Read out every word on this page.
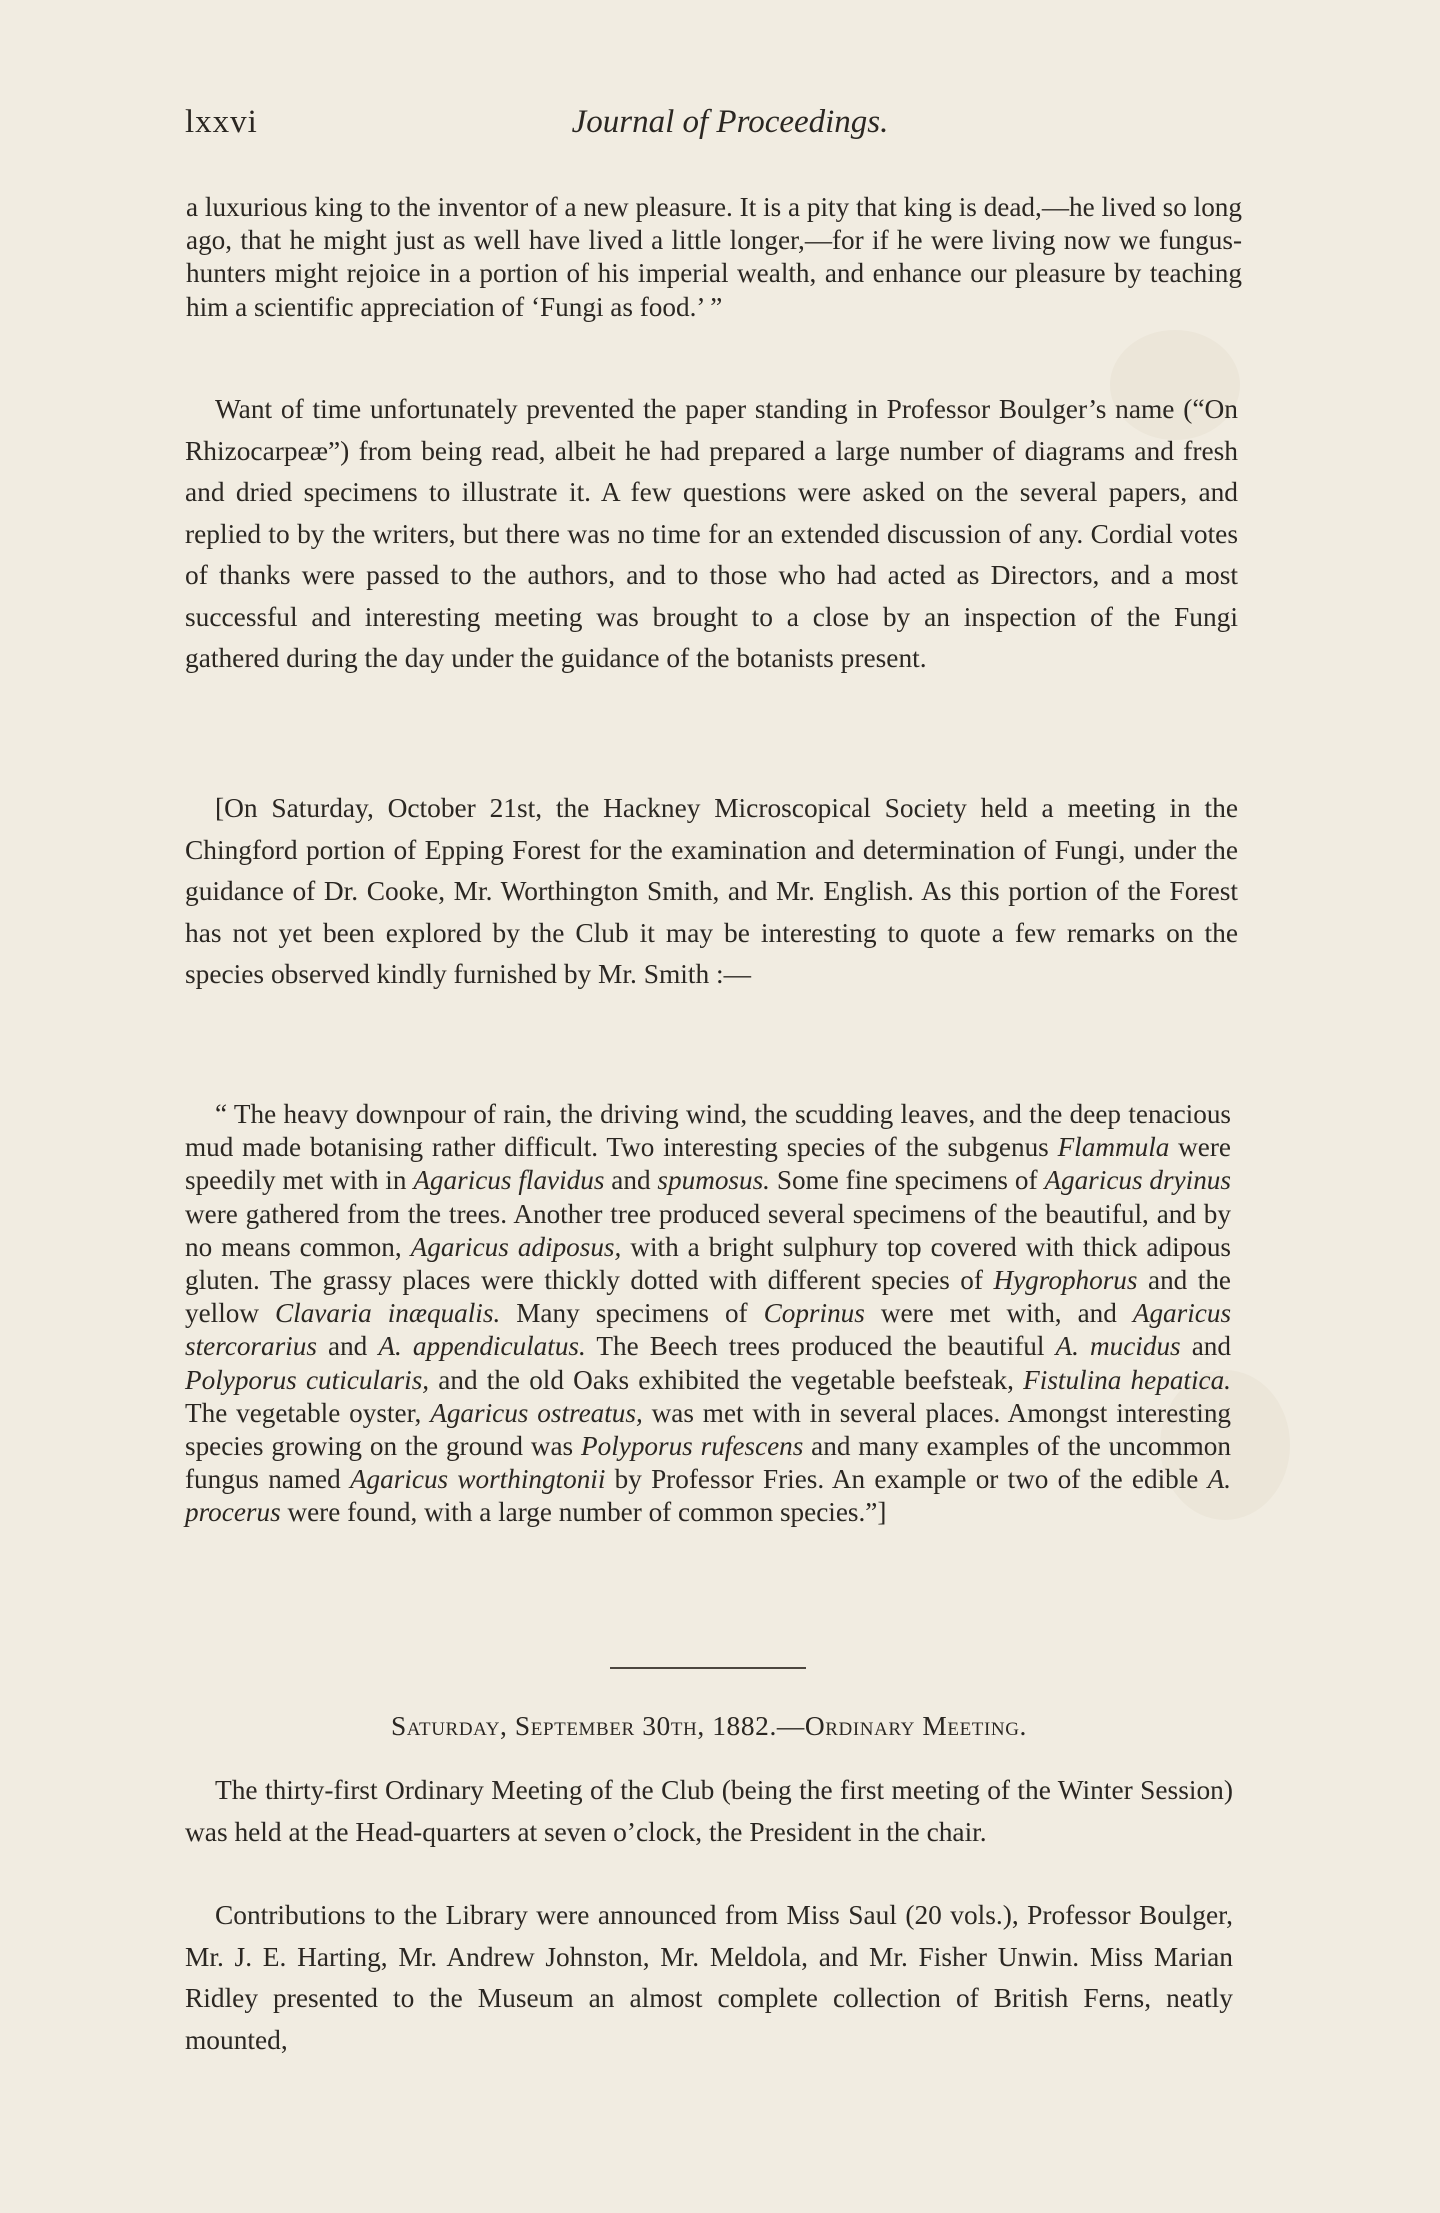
lxxvi	Journal of Proceedings.

a luxurious king to the inventor of a new pleasure. It is a pity that king is dead,—he lived so long ago, that he might just as well have lived a little longer,—for if he were living now we fungus-hunters might rejoice in a portion of his imperial wealth, and enhance our pleasure by teaching him a scientific appreciation of ‘Fungi as food.’ ”

Want of time unfortunately prevented the paper standing in Professor Boulger’s name (“On Rhizocarpeæ”) from being read, albeit he had prepared a large number of diagrams and fresh and dried specimens to illustrate it. A few questions were asked on the several papers, and replied to by the writers, but there was no time for an extended discussion of any. Cordial votes of thanks were passed to the authors, and to those who had acted as Directors, and a most successful and interesting meeting was brought to a close by an inspection of the Fungi gathered during the day under the guidance of the botanists present.

[On Saturday, October 21st, the Hackney Microscopical Society held a meeting in the Chingford portion of Epping Forest for the examination and determination of Fungi, under the guidance of Dr. Cooke, Mr. Worthington Smith, and Mr. English. As this portion of the Forest has not yet been explored by the Club it may be interesting to quote a few remarks on the species observed kindly furnished by Mr. Smith :—

“ The heavy downpour of rain, the driving wind, the scudding leaves, and the deep tenacious mud made botanising rather difficult. Two interesting species of the subgenus Flammula were speedily met with in Agaricus flavidus and spumosus. Some fine specimens of Agaricus dryinus were gathered from the trees. Another tree produced several specimens of the beautiful, and by no means common, Agaricus adiposus, with a bright sulphury top covered with thick adipous gluten. The grassy places were thickly dotted with different species of Hygrophorus and the yellow Clavaria inæqualis. Many specimens of Coprinus were met with, and Agaricus stercorarius and A. appendiculatus. The Beech trees produced the beautiful A. mucidus and Polyporus cuticularis, and the old Oaks exhibited the vegetable beefsteak, Fistulina hepatica. The vegetable oyster, Agaricus ostreatus, was met with in several places. Amongst interesting species growing on the ground was Polyporus rufescens and many examples of the uncommon fungus named Agaricus worthingtonii by Professor Fries. An example or two of the edible A. procerus were found, with a large number of common species.”]

Saturday, September 30th, 1882.—Ordinary Meeting.

The thirty-first Ordinary Meeting of the Club (being the first meeting of the Winter Session) was held at the Head-quarters at seven o’clock, the President in the chair.

Contributions to the Library were announced from Miss Saul (20 vols.), Professor Boulger, Mr. J. E. Harting, Mr. Andrew Johnston, Mr. Meldola, and Mr. Fisher Unwin. Miss Marian Ridley presented to the Museum an almost complete collection of British Ferns, neatly mounted,
